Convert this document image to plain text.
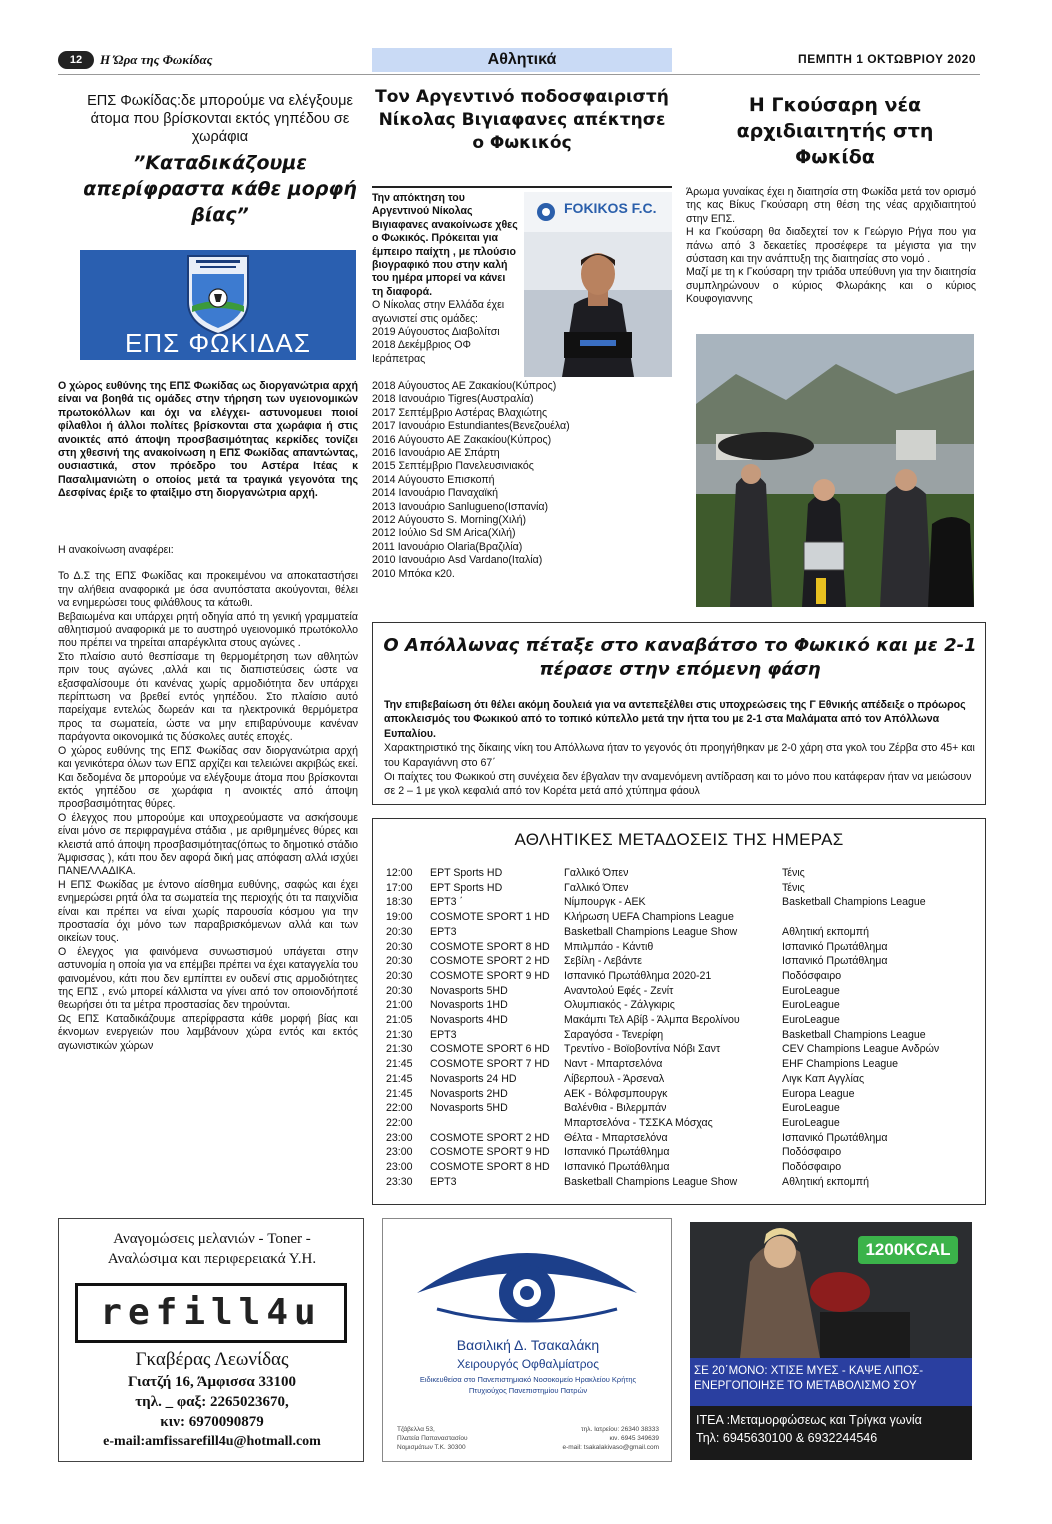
12	Η Ώρα της Φωκίδας	Αθλητικά	ΠΕΜΠΤΗ 1 ΟΚΤΩΒΡΙΟΥ 2020
ΕΠΣ Φωκίδας:δε μπορούμε να ελέγξουμε άτομα που βρίσκονται εκτός γηπέδου σε χωράφια
”Καταδικάζουμε απερίφραστα κάθε μορφή βίας”
ΕΠΣ ΦΩΚΙΔΑΣ
Ο χώρος ευθύνης της ΕΠΣ Φωκίδας ως διοργανώτρια αρχή είναι να βοηθά τις ομάδες στην τήρηση των υγειονομικών πρωτοκόλλων και όχι να ελέγχει- αστυνομευει ποιοί φίλαθλοι ή άλλοι πολίτες βρίσκονται στα χωράφια ή στις ανοικτές από άποψη προσβασιμότητας κερκίδες τονίζει στη χθεσινή της ανακοίνωση η ΕΠΣ Φωκίδας απαντώντας, ουσιαστικά, στον πρόεδρο του Αστέρα Ιτέας κ Πασαλιμανιώτη ο οποίος μετά τα τραγικά γεγονότα της Δεσφίνας έριξε το φταίξιμο στη διοργανώτρια αρχή.

Η ανακοίνωση αναφέρει:

Το Δ.Σ της ΕΠΣ Φωκίδας και προκειμένου να αποκαταστήσει την αλήθεια αναφορικά με όσα ανυπόστατα ακούγονται, θέλει να ενημερώσει τους φιλάθλους τα κάτωθι.

Βεβαιωμένα και υπάρχει ρητή οδηγία από τη γενική γραμματεία αθλητισμού αναφορικά με το αυστηρό υγειονομικό πρωτόκολλο που πρέπει να τηρείται απαρέγκλιτα στους αγώνες .

Στο πλαίσιο αυτό θεσπίσαμε τη θερμομέτρηση των αθλητών πριν τους αγώνες ,αλλά και τις διαπιστεύσεις ώστε να εξασφαλίσουμε ότι κανένας χωρίς αρμοδιότητα δεν υπάρχει περίπτωση να βρεθεί εντός γηπέδου. Στο πλαίσιο αυτό παρείχαμε εντελώς δωρεάν και τα ηλεκτρονικά θερμόμετρα προς τα σωματεία, ώστε να μην επιβαρύνουμε κανέναν παράγοντα οικονομικά τις δύσκολες αυτές εποχές.

Ο χώρος ευθύνης της ΕΠΣ Φωκίδας σαν διοργανώτρια αρχή και γενικότερα όλων των ΕΠΣ αρχίζει και τελειώνει ακριβώς εκεί. Και δεδομένα δε μπορούμε να ελέγξουμε άτομα που βρίσκονται εκτός γηπέδου σε χωράφια η ανοικτές από άποψη προσβασιμότητας θύρες.

Ο έλεγχος που μπορούμε και υποχρεούμαστε να ασκήσουμε είναι μόνο σε περιφραγμένα στάδια , με αριθμημένες θύρες και κλειστά από άποψη προσβασιμότητας(όπως το δημοτικό στάδιο Άμφισσας ), κάτι που δεν αφορά δική μας απόφαση αλλά ισχύει ΠΑΝΕΛΛΑΔΙΚΑ.

Η ΕΠΣ Φωκίδας με έντονο αίσθημα ευθύνης, σαφώς και έχει ενημερώσει ρητά όλα τα σωματεία της περιοχής ότι τα παιχνίδια είναι και πρέπει να είναι χωρίς παρουσία κόσμου για την προστασία όχι μόνο των παραβρισκόμενων αλλά και των οικείων τους.

Ο έλεγχος για φαινόμενα συνωστισμού υπάγεται στην αστυνομία η οποία για να επέμβει πρέπει να έχει καταγγελία του φαινομένου, κάτι που δεν εμπίπτει εν ουδενί στις αρμοδιότητες της ΕΠΣ , ενώ μπορεί κάλλιστα να γίνει από τον οποιονδήποτέ θεωρήσει ότι τα μέτρα προστασίας δεν τηρούνται.

Ως ΕΠΣ Καταδικάζουμε απερίφραστα κάθε μορφή βίας και έκνομων ενεργειών που λαμβάνουν χώρα εντός και εκτός αγωνιστικών χώρων

Τον Αργεντινό ποδοσφαιριστή Νίκολας Βιγιαφανες απέκτησε ο Φωκικός
Την απόκτηση του Αργεντινού Νίκολας Βιγιαφανες ανακοίνωσε χθες ο Φωκικός. Πρόκειται για έμπειρο παίχτη , με πλούσιο βιογραφικό που στην καλή του ημέρα μπορεί να κάνει τη διαφορά.
Ο Νίκολας στην Ελλάδα έχει αγωνιστεί στις ομάδες:
2019 Αύγουστος Διαβολίτσι
2018 Δεκέμβριος ΟΦ Ιεράπετρας
FOKIKOS F.C.
2018 Αύγουστος ΑΕ Ζακακίου(Κύπρος)
2018 Ιανουάριο Tigres(Αυστραλία)
2017 Σεπτέμβριο Αστέρας Βλαχιώτης
2017 Ιανουάριο Estundiantes(Βενεζουέλα)
2016 Αύγουστο ΑΕ Ζακακίου(Κύπρος)
2016 Ιανουάριο ΑΕ Σπάρτη
2015 Σεπτέμβριο Πανελευσινιακός
2014 Αύγουστο Επισκοπή
2014 Ιανουάριο Παναχαϊκή
2013 Ιανουάριο Sanlugueno(Ισπανία)
2012 Αύγουστο S. Morning(Χιλή)
2012 Ιούλιο Sd SM Arica(Χιλή)
2011 Ιανουάριο Olaria(Βραζιλία)
2010 Ιανουάριο Asd Vardano(Ιταλία)
2010 Μπόκα κ20.
Η Γκούσαρη νέα αρχιδιαιτητής στη Φωκίδα
Άρωμα γυναίκας έχει η διαιτησία στη Φωκίδα μετά τον ορισμό της κας Βίκυς Γκούσαρη στη θέση της νέας αρχιδιαιτητού στην ΕΠΣ.
Η κα Γκούσαρη θα διαδεχτεί τον κ Γεώργιο Ρήγα που για πάνω από 3 δεκαετίες προσέφερε τα μέγιστα για την σύσταση και την ανάπτυξη της διαιτησίας στο νομό .
Μαζί με τη κ Γκούσαρη την τριάδα υπεύθυνη για την διαιτησία συμπληρώνουν ο κύριος Φλωράκης και ο κύριος Κουφογιαννης
Ο Απόλλωνας πέταξε στο καναβάτσο το Φωκικό και με 2-1 πέρασε στην επόμενη φάση
Την επιβεβαίωση ότι θέλει ακόμη δουλειά για να αντεπεξέλθει στις υποχρεώσεις της Γ Εθνικής απέδειξε ο πρόωρος αποκλεισμός του Φωκικού από το τοπικό κύπελλο μετά την ήττα του με 2-1 στα Μαλάματα από τον Απόλλωνα Ευπαλίου.
Χαρακτηριστικό της δίκαιης νίκη του Απόλλωνα ήταν το γεγονός ότι προηγήθηκαν με 2-0 χάρη στα γκολ του Ζέρβα στο 45+ και του Καραγιάννη στο 67΄
Οι παίχτες του Φωκικού στη συνέχεια δεν έβγαλαν την αναμενόμενη αντίδραση και το μόνο που κατάφεραν ήταν να μειώσουν σε 2 – 1 με γκολ κεφαλιά από τον Κορέτα μετά από χτύπημα φάουλ
ΑΘΛΗΤΙΚΕΣ ΜΕΤΑΔΟΣΕΙΣ ΤΗΣ ΗΜΕΡΑΣ
12:00	ΕΡΤ Sports HD	Γαλλικό Όπεν	Τένις
17:00	ΕΡΤ Sports HD	Γαλλικό Όπεν	Τένις
18:30	ΕΡΤ3 ΄	Νίμπουργκ - ΑΕΚ	Basketball Champions League
19:00	COSMOTE SPORT 1 HD	Κλήρωση UEFA Champions League	
20:30	ΕΡΤ3	Basketball Champions League Show	Αθλητική εκπομπή
20:30	COSMOTE SPORT 8 HD	Μπιλμπάο - Κάντιθ	Ισπανικό Πρωτάθλημα
20:30	COSMOTE SPORT 2 HD	Σεβίλη - Λεβάντε	Ισπανικό Πρωτάθλημα
20:30	COSMOTE SPORT 9 HD	Ισπανικό Πρωτάθλημα 2020-21	Ποδόσφαιρο
20:30	Novasports 5HD	Αναντολού Εφές - Ζενίτ	EuroLeague
21:00	Novasports 1HD	Ολυμπιακός - Ζάλγκιρις	EuroLeague
21:05	Novasports 4HD	Μακάμπι Τελ Αβίβ - Άλμπα Βερολίνου	EuroLeague
21:30	ΕΡΤ3	Σαραγόσα - Τενερίφη	Basketball Champions League
21:30	COSMOTE SPORT 6 HD	Τρεντίνο - Βοϊοβοντίνα Νόβι Σαντ	CEV Champions League Ανδρών
21:45	COSMOTE SPORT 7 HD	Ναντ - Μπαρτσελόνα	EHF Champions League
21:45	Novasports 24 HD	Λίβερπουλ - Άρσεναλ	Λιγκ Καπ Αγγλίας
21:45	Novasports 2HD	ΑΕΚ - Βόλφσμπουργκ	Europa League
22:00	Novasports 5HD	Βαλένθια - Βιλερμπάν	EuroLeague
22:00		Μπαρτσελόνα - ΤΣΣΚΑ Μόσχας	EuroLeague
23:00	COSMOTE SPORT 2 HD	Θέλτα - Μπαρτσελόνα	Ισπανικό Πρωτάθλημα
23:00	COSMOTE SPORT 9 HD	Ισπανικό Πρωτάθλημα	Ποδόσφαιρο
23:00	COSMOTE SPORT 8 HD	Ισπανικό Πρωτάθλημα	Ποδόσφαιρο
23:30	ΕΡΤ3	Basketball Champions League Show	Αθλητική εκπομπή
Αναγομώσεις μελανιών - Toner -
Αναλώσιμα και περιφερειακά Υ.Η.
refill4u
Γκαβέρας Λεωνίδας
Γιατζή 16, Άμφισσα 33100
τηλ. _ φαξ: 2265023670,
κιν: 6970090879
e-mail:amfissarefill4u@hotmall.com
Βασιλική Δ. Τσακαλάκη
Χειρουργός Οφθαλμίατρος
Ειδικευθείσα στο Πανεπιστημιακό Νοσοκομείο Ηρακλείου Κρήτης
Πτυχιούχος Πανεπιστημίου Πατρών
Τζάβελλα 53,
Πλατεία Παπαναστασίου
Νομισμάτων Τ.Κ. 30300
τηλ. Ιατρείου: 26340 38333
κιν. 6945 349639
e-mail: tsakalakivaso@gmail.com
1200KCAL
ΣΕ 20΄ΜΟΝΟ: ΧΤΙΣΕ ΜΥΕΣ - ΚΑΨΕ ΛΙΠΟΣ-ΕΝΕΡΓΟΠΟΙΗΣΕ ΤΟ ΜΕΤΑΒΟΛΙΣΜΟ ΣΟΥ
ΙΤΕΑ :Μεταμορφώσεως και Τρίγκα γωνία
Τηλ: 6945630100 & 6932244546
